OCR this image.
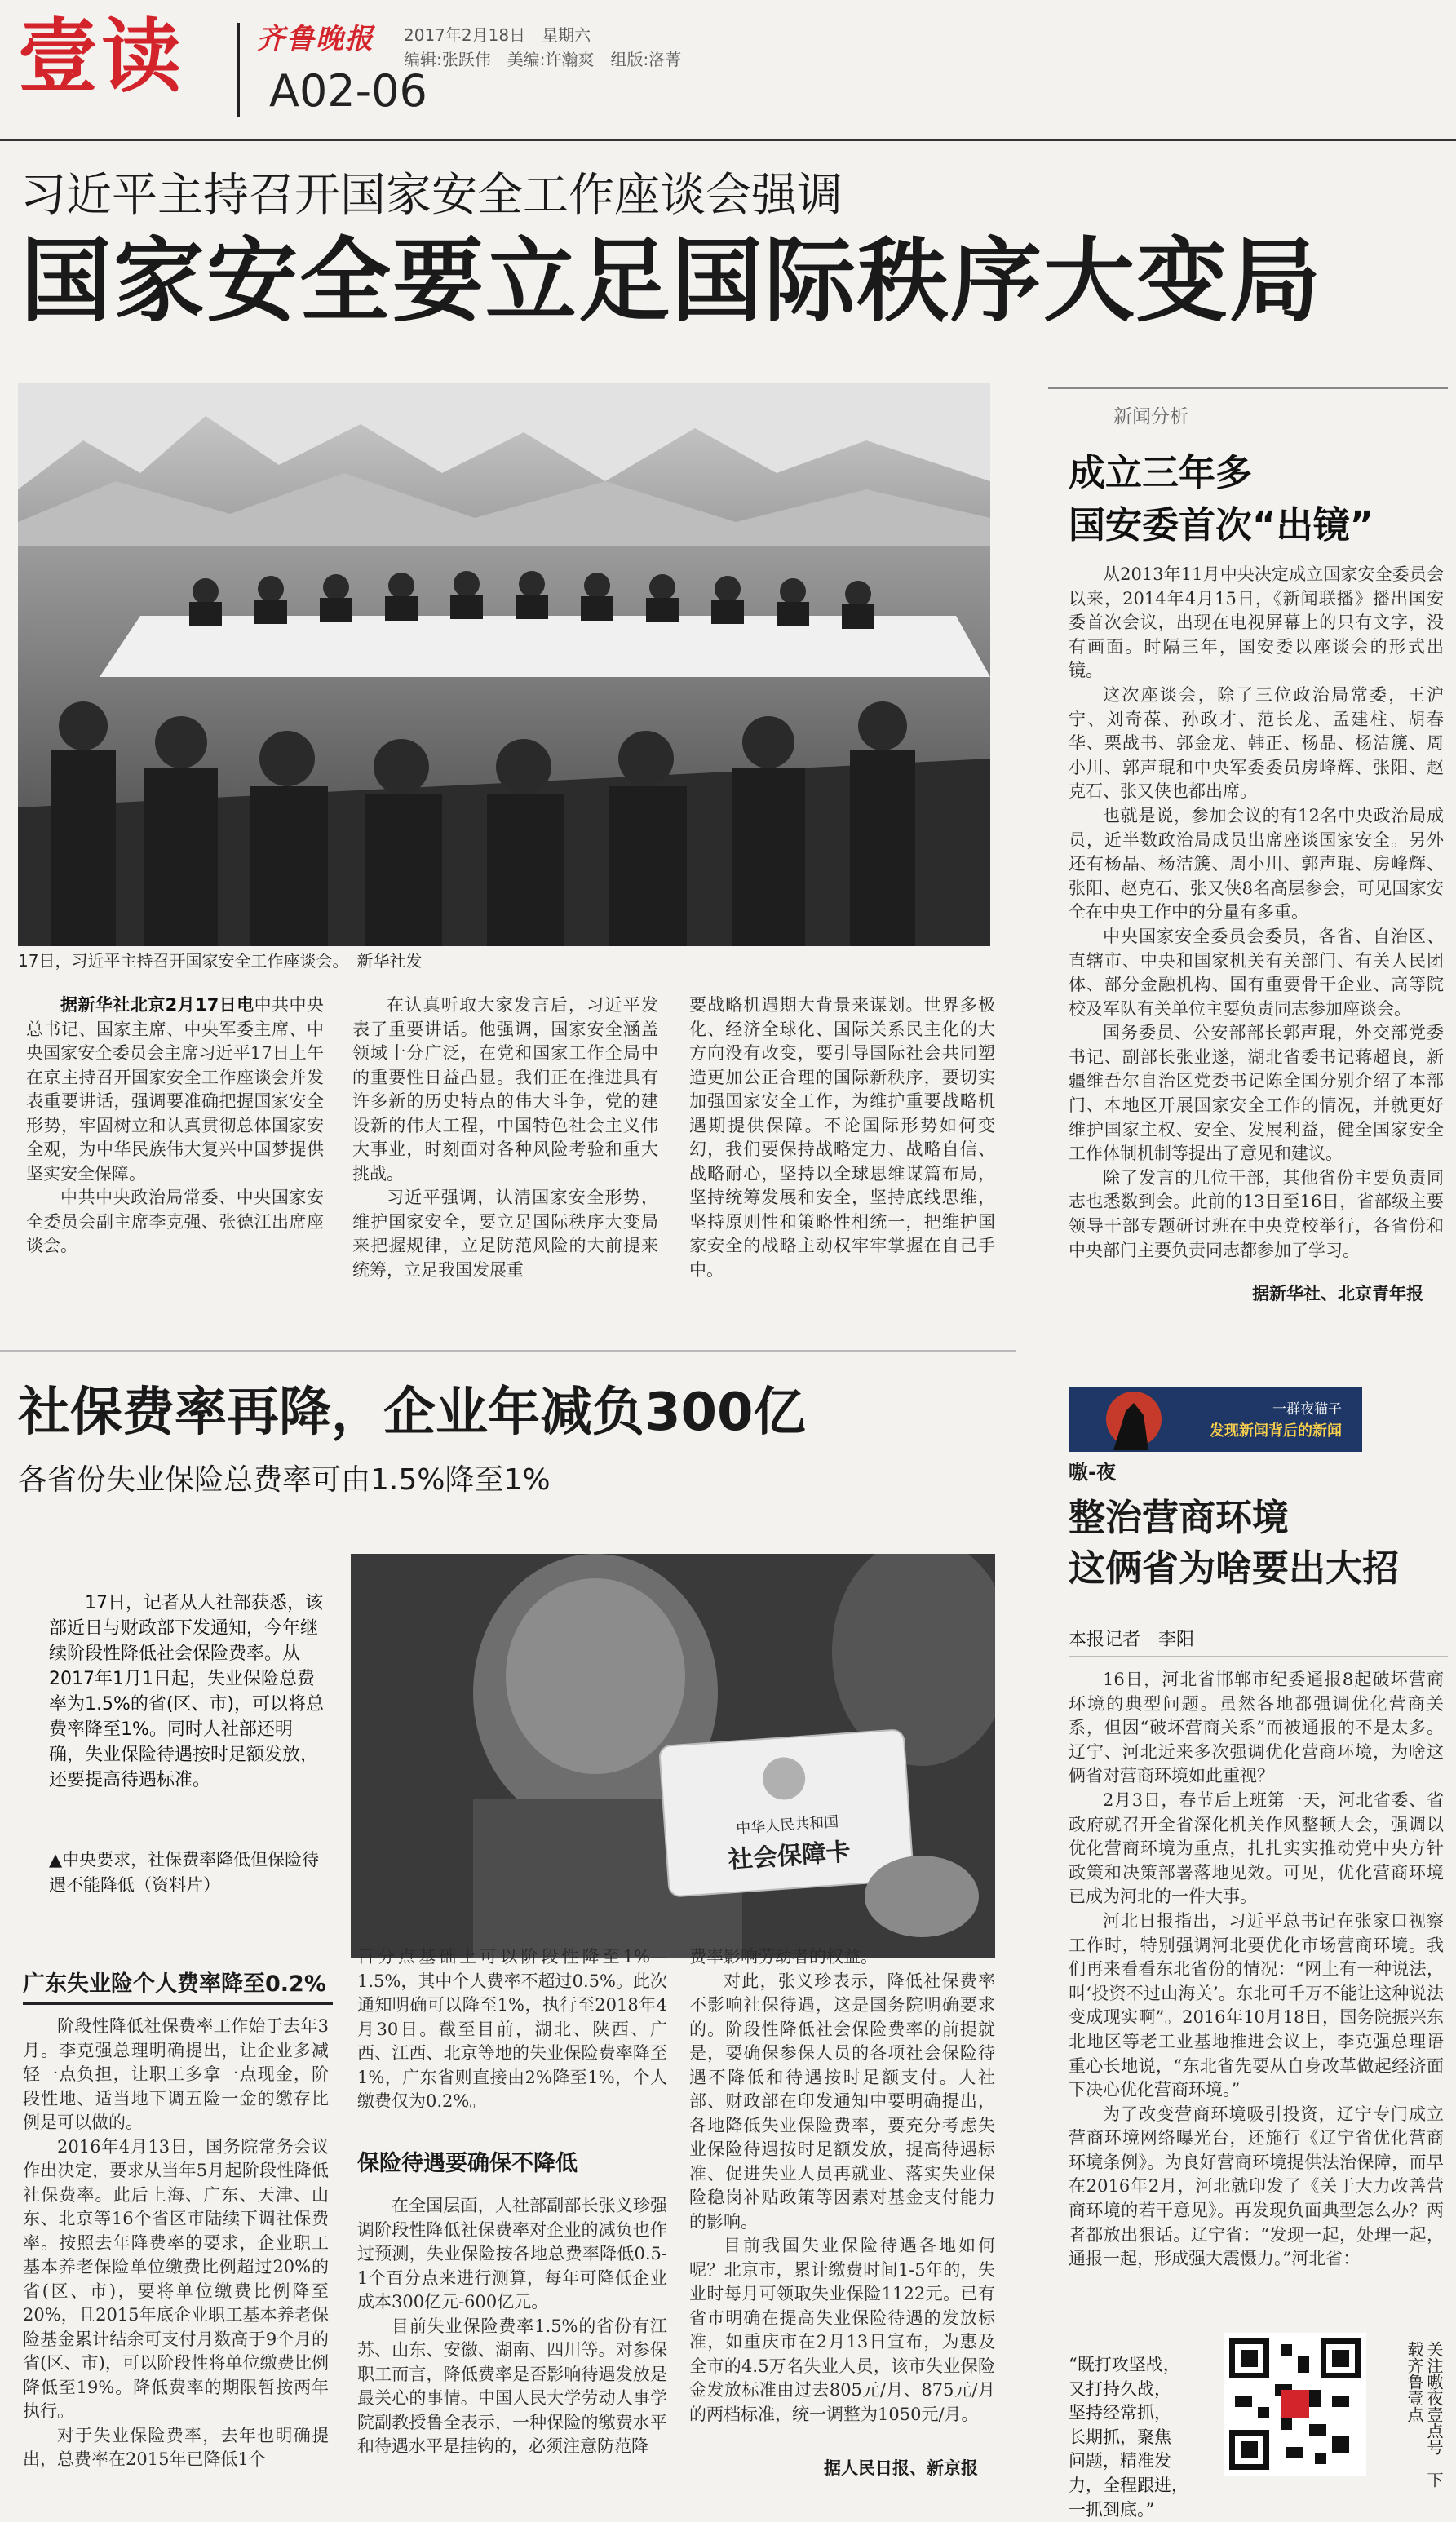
壹读	齐鲁晚报
A02-06
2017年2月18日　星期六
编辑:张跃伟　美编:许瀚爽　组版:洛菁
习近平主持召开国家安全工作座谈会强调
国家安全要立足国际秩序大变局
17日，习近平主持召开国家安全工作座谈会。　新华社发

据新华社北京2月17日电中共中央总书记、国家主席、中央军委主席、中央国家安全委员会主席习近平17日上午在京主持召开国家安全工作座谈会并发表重要讲话，强调要准确把握国家安全形势，牢固树立和认真贯彻总体国家安全观，为中华民族伟大复兴中国梦提供坚实安全保障。

中共中央政治局常委、中央国家安全委员会副主席李克强、张德江出席座谈会。

在认真听取大家发言后，习近平发表了重要讲话。他强调，国家安全涵盖领域十分广泛，在党和国家工作全局中的重要性日益凸显。我们正在推进具有许多新的历史特点的伟大斗争，党的建设新的伟大工程，中国特色社会主义伟大事业，时刻面对各种风险考验和重大挑战。

习近平强调，认清国家安全形势，维护国家安全，要立足国际秩序大变局来把握规律，立足防范风险的大前提来统筹，立足我国发展重

要战略机遇期大背景来谋划。世界多极化、经济全球化、国际关系民主化的大方向没有改变，要引导国际社会共同塑造更加公正合理的国际新秩序，要切实加强国家安全工作，为维护重要战略机遇期提供保障。不论国际形势如何变幻，我们要保持战略定力、战略自信、战略耐心，坚持以全球思维谋篇布局，坚持统筹发展和安全，坚持底线思维，坚持原则性和策略性相统一，把维护国家安全的战略主动权牢牢掌握在自己手中。

新闻分析
成立三年多
国安委首次“出镜”

从2013年11月中央决定成立国家安全委员会以来，2014年4月15日，《新闻联播》播出国安委首次会议，出现在电视屏幕上的只有文字，没有画面。时隔三年，国安委以座谈会的形式出镜。

这次座谈会，除了三位政治局常委，王沪宁、刘奇葆、孙政才、范长龙、孟建柱、胡春华、栗战书、郭金龙、韩正、杨晶、杨洁篪、周小川、郭声琨和中央军委委员房峰辉、张阳、赵克石、张又侠也都出席。

也就是说，参加会议的有12名中央政治局成员，近半数政治局成员出席座谈国家安全。另外还有杨晶、杨洁篪、周小川、郭声琨、房峰辉、张阳、赵克石、张又侠8名高层参会，可见国家安全在中央工作中的分量有多重。

中央国家安全委员会委员，各省、自治区、直辖市、中央和国家机关有关部门、有关人民团体、部分金融机构、国有重要骨干企业、高等院校及军队有关单位主要负责同志参加座谈会。

国务委员、公安部部长郭声琨，外交部党委书记、副部长张业遂，湖北省委书记蒋超良，新疆维吾尔自治区党委书记陈全国分别介绍了本部门、本地区开展国家安全工作的情况，并就更好维护国家主权、安全、发展利益，健全国家安全工作体制机制等提出了意见和建议。

除了发言的几位干部，其他省份主要负责同志也悉数到会。此前的13日至16日，省部级主要领导干部专题研讨班在中央党校举行，各省份和中央部门主要负责同志都参加了学习。

据新华社、北京青年报
社保费率再降，企业年减负300亿
各省份失业保险总费率可由1.5%降至1%
17日，记者从人社部获悉，该部近日与财政部下发通知，今年继续阶段性降低社会保险费率。从2017年1月1日起，失业保险总费率为1.5%的省(区、市)，可以将总费率降至1%。同时人社部还明确，失业保险待遇按时足额发放，还要提高待遇标准。
▲中央要求，社保费率降低但保险待遇不能降低（资料片）
中华人民共和国
社会保障卡
广东失业险个人费率降至0.2%

阶段性降低社保费率工作始于去年3月。李克强总理明确提出，让企业多减轻一点负担，让职工多拿一点现金，阶段性地、适当地下调五险一金的缴存比例是可以做的。

2016年4月13日，国务院常务会议作出决定，要求从当年5月起阶段性降低社保费率。此后上海、广东、天津、山东、北京等16个省区市陆续下调社保费率。按照去年降费率的要求，企业职工基本养老保险单位缴费比例超过20%的省(区、市)，要将单位缴费比例降至20%，且2015年底企业职工基本养老保险基金累计结余可支付月数高于9个月的省(区、市)，可以阶段性将单位缴费比例降低至19%。降低费率的期限暂按两年执行。

对于失业保险费率，去年也明确提出，总费率在2015年已降低1个

百分点基础上可以阶段性降至1%—1.5%，其中个人费率不超过0.5%。此次通知明确可以降至1%，执行至2018年4月30日。截至目前，湖北、陕西、广西、江西、北京等地的失业保险费率降至1%，广东省则直接由2%降至1%，个人缴费仅为0.2%。

保险待遇要确保不降低

在全国层面，人社部副部长张义珍强调阶段性降低社保费率对企业的减负也作过预测，失业保险按各地总费率降低0.5-1个百分点来进行测算，每年可降低企业成本300亿元-600亿元。

目前失业保险费率1.5%的省份有江苏、山东、安徽、湖南、四川等。对参保职工而言，降低费率是否影响待遇发放是最关心的事情。中国人民大学劳动人事学院副教授鲁全表示，一种保险的缴费水平和待遇水平是挂钩的，必须注意防范降

费率影响劳动者的权益。

对此，张义珍表示，降低社保费率不影响社保待遇，这是国务院明确要求的。阶段性降低社会保险费率的前提就是，要确保参保人员的各项社会保险待遇不降低和待遇按时足额支付。人社部、财政部在印发通知中要明确提出，各地降低失业保险费率，要充分考虑失业保险待遇按时足额发放，提高待遇标准、促进失业人员再就业、落实失业保险稳岗补贴政策等因素对基金支付能力的影响。

目前我国失业保险待遇各地如何呢？北京市，累计缴费时间1-5年的，失业时每月可领取失业保险1122元。已有省市明确在提高失业保险待遇的发放标准，如重庆市在2月13日宣布，为惠及全市的4.5万名失业人员，该市失业保险金发放标准由过去805元/月、875元/月的两档标准，统一调整为1050元/月。

据人民日报、新京报
一群夜猫子
发现新闻背后的新闻
嗷-夜
整治营商环境
这俩省为啥要出大招
本报记者　李阳

16日，河北省邯郸市纪委通报8起破坏营商环境的典型问题。虽然各地都强调优化营商关系，但因“破坏营商关系”而被通报的不是太多。辽宁、河北近来多次强调优化营商环境，为啥这俩省对营商环境如此重视？

2月3日，春节后上班第一天，河北省委、省政府就召开全省深化机关作风整顿大会，强调以优化营商环境为重点，扎扎实实推动党中央方针政策和决策部署落地见效。可见，优化营商环境已成为河北的一件大事。

河北日报指出，习近平总书记在张家口视察工作时，特别强调河北要优化市场营商环境。我们再来看看东北省份的情况：“网上有一种说法，叫‘投资不过山海关’。东北可千万不能让这种说法变成现实啊”。2016年10月18日，国务院振兴东北地区等老工业基地推进会议上，李克强总理语重心长地说，“东北省先要从自身改革做起经济面下决心优化营商环境。”

为了改变营商环境吸引投资，辽宁专门成立营商环境网络曝光台，还施行《辽宁省优化营商环境条例》。为良好营商环境提供法治保障，而早在2016年2月，河北就印发了《关于大力改善营商环境的若干意见》。再发现负面典型怎么办？两者都放出狠话。辽宁省：“发现一起，处理一起，通报一起，形成强大震慑力。”河北省：

“既打攻坚战，

又打持久战，

坚持经常抓，

长期抓，聚焦

问题，精准发

力，全程跟进，

一抓到底。”

关注嗷夜壹点号　下载齐鲁壹点
